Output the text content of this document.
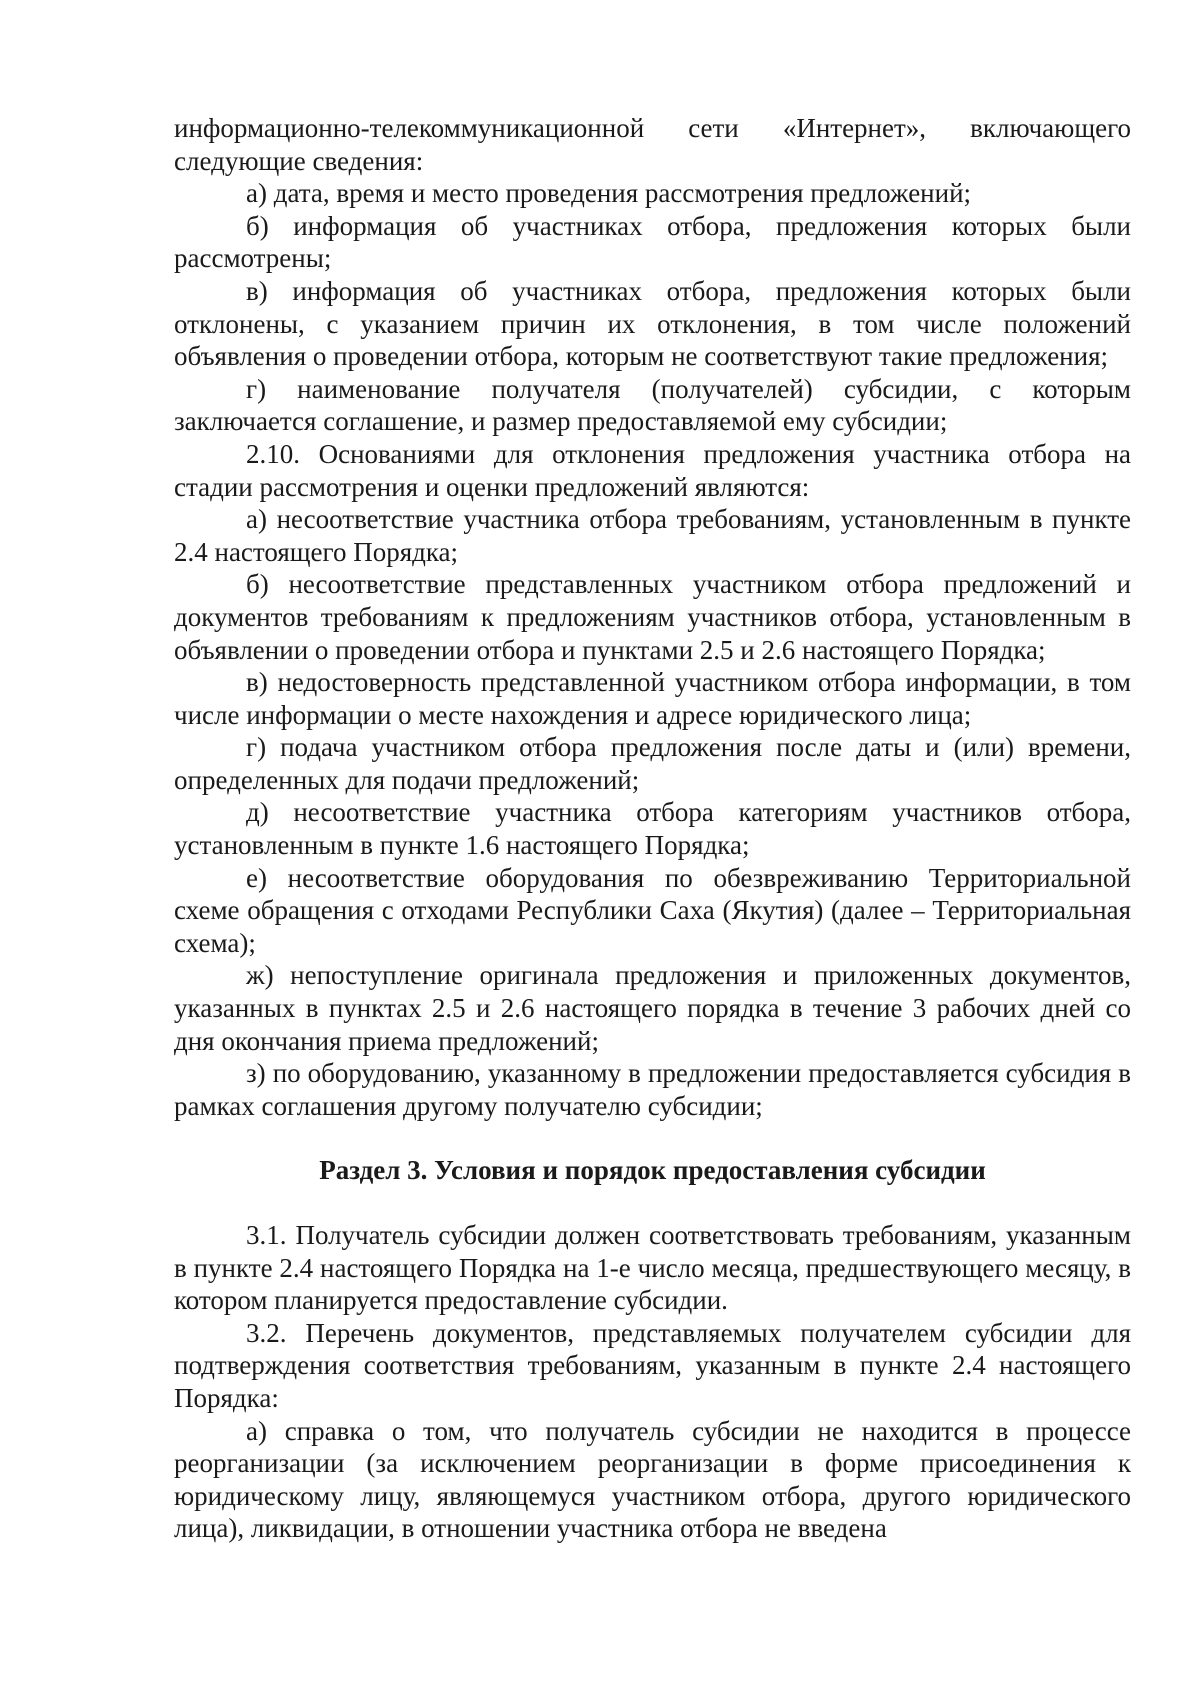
информационно-телекоммуникационной сети «Интернет», включающего следующие сведения:

а) дата, время и место проведения рассмотрения предложений;

б) информация об участниках отбора, предложения которых были рассмотрены;

в) информация об участниках отбора, предложения которых были отклонены, с указанием причин их отклонения, в том числе положений объявления о проведении отбора, которым не соответствуют такие предложения;

г) наименование получателя (получателей) субсидии, с которым заключается соглашение, и размер предоставляемой ему субсидии;

2.10. Основаниями для отклонения предложения участника отбора на стадии рассмотрения и оценки предложений являются:

а) несоответствие участника отбора требованиям, установленным в пункте 2.4 настоящего Порядка;

б) несоответствие представленных участником отбора предложений и документов требованиям к предложениям участников отбора, установленным в объявлении о проведении отбора и пунктами 2.5 и 2.6 настоящего Порядка;

в) недостоверность представленной участником отбора информации, в том числе информации о месте нахождения и адресе юридического лица;

г) подача участником отбора предложения после даты и (или) времени, определенных для подачи предложений;

д) несоответствие участника отбора категориям участников отбора, установленным в пункте 1.6 настоящего Порядка;

е) несоответствие оборудования по обезвреживанию Территориальной схеме обращения с отходами Республики Саха (Якутия) (далее – Территориальная схема);

ж) непоступление оригинала предложения и приложенных документов, указанных в пунктах 2.5 и 2.6 настоящего порядка в течение 3 рабочих дней со дня окончания приема предложений;

з) по оборудованию, указанному в предложении предоставляется субсидия в рамках соглашения другому получателю субсидии;

Раздел 3. Условия и порядок предоставления субсидии

3.1. Получатель субсидии должен соответствовать требованиям, указанным в пункте 2.4 настоящего Порядка на 1-е число месяца, предшествующего месяцу, в котором планируется предоставление субсидии.

3.2. Перечень документов, представляемых получателем субсидии для подтверждения соответствия требованиям, указанным в пункте 2.4 настоящего Порядка:

а) справка о том, что получатель субсидии не находится в процессе реорганизации (за исключением реорганизации в форме присоединения к юридическому лицу, являющемуся участником отбора, другого юридического лица), ликвидации, в отношении участника отбора не введена
